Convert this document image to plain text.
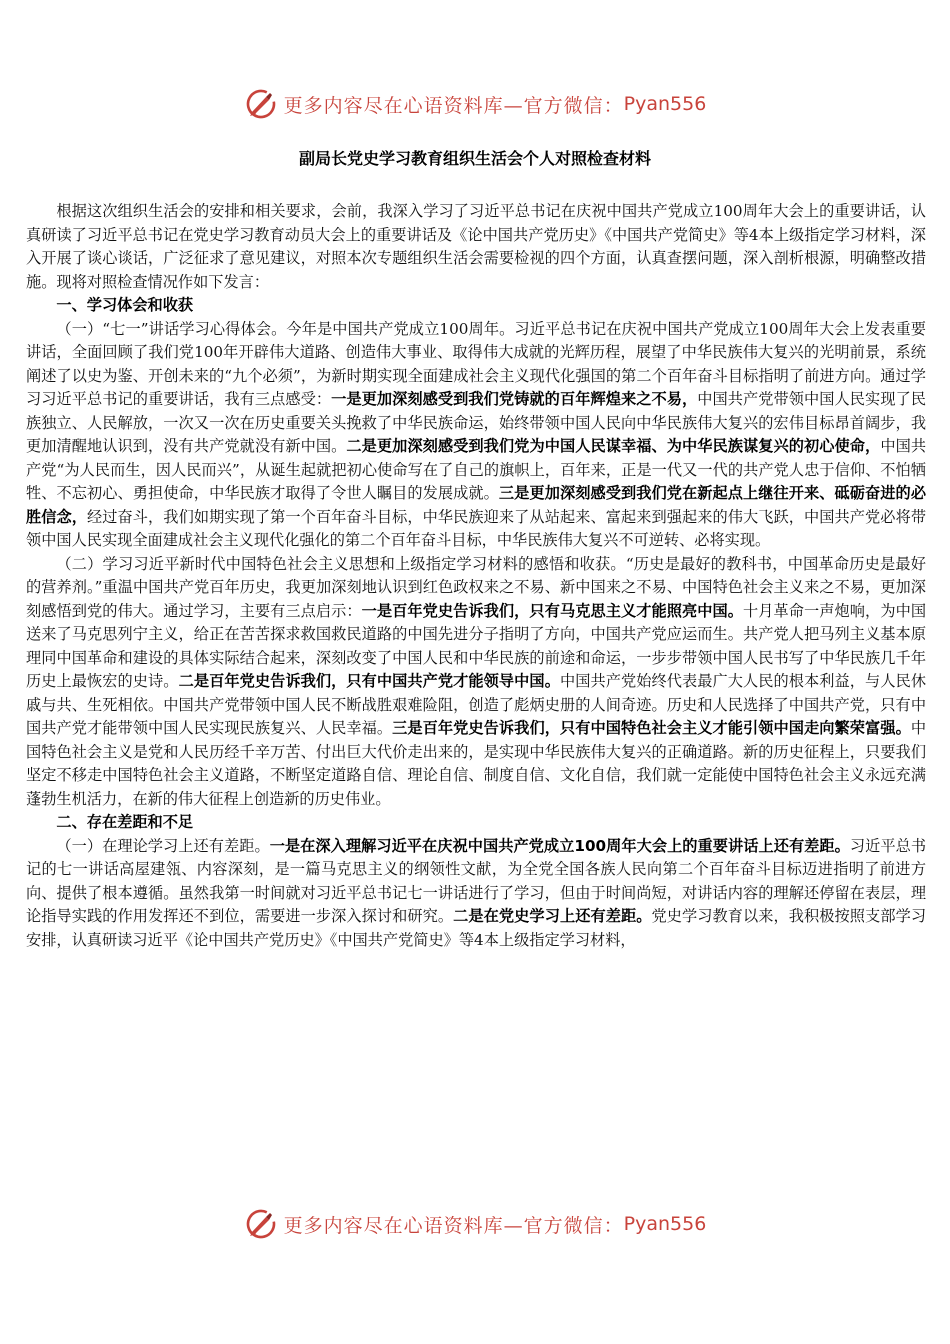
更多内容尽在心语资料库—官方微信： Pyan556
副局长党史学习教育组织生活会个人对照检查材料

根据这次组织生活会的安排和相关要求，会前，我深入学习了习近平总书记在庆祝中国共产党成立100周年大会上的重要讲话，认真研读了习近平总书记在党史学习教育动员大会上的重要讲话及《论中国共产党历史》《中国共产党简史》等4本上级指定学习材料，深入开展了谈心谈话，广泛征求了意见建议，对照本次专题组织生活会需要检视的四个方面，认真查摆问题，深入剖析根源，明确整改措施。现将对照检查情况作如下发言：

一、学习体会和收获

（一）“七一”讲话学习心得体会。今年是中国共产党成立100周年。习近平总书记在庆祝中国共产党成立100周年大会上发表重要讲话，全面回顾了我们党100年开辟伟大道路、创造伟大事业、取得伟大成就的光辉历程，展望了中华民族伟大复兴的光明前景，系统阐述了以史为鉴、开创未来的“九个必须”，为新时期实现全面建成社会主义现代化强国的第二个百年奋斗目标指明了前进方向。通过学习习近平总书记的重要讲话，我有三点感受：一是更加深刻感受到我们党铸就的百年辉煌来之不易，中国共产党带领中国人民实现了民族独立、人民解放，一次又一次在历史重要关头挽救了中华民族命运，始终带领中国人民向中华民族伟大复兴的宏伟目标昂首阔步，我更加清醒地认识到，没有共产党就没有新中国。二是更加深刻感受到我们党为中国人民谋幸福、为中华民族谋复兴的初心使命，中国共产党“为人民而生，因人民而兴”，从诞生起就把初心使命写在了自己的旗帜上，百年来，正是一代又一代的共产党人忠于信仰、不怕牺牲、不忘初心、勇担使命，中华民族才取得了令世人瞩目的发展成就。三是更加深刻感受到我们党在新起点上继往开来、砥砺奋进的必胜信念，经过奋斗，我们如期实现了第一个百年奋斗目标，中华民族迎来了从站起来、富起来到强起来的伟大飞跃，中国共产党必将带领中国人民实现全面建成社会主义现代化强化的第二个百年奋斗目标，中华民族伟大复兴不可逆转、必将实现。

（二）学习习近平新时代中国特色社会主义思想和上级指定学习材料的感悟和收获。“历史是最好的教科书，中国革命历史是最好的营养剂。”重温中国共产党百年历史，我更加深刻地认识到红色政权来之不易、新中国来之不易、中国特色社会主义来之不易，更加深刻感悟到党的伟大。通过学习，主要有三点启示：一是百年党史告诉我们，只有马克思主义才能照亮中国。十月革命一声炮响，为中国送来了马克思列宁主义，给正在苦苦探求救国救民道路的中国先进分子指明了方向，中国共产党应运而生。共产党人把马列主义基本原理同中国革命和建设的具体实际结合起来，深刻改变了中国人民和中华民族的前途和命运，一步步带领中国人民书写了中华民族几千年历史上最恢宏的史诗。二是百年党史告诉我们，只有中国共产党才能领导中国。中国共产党始终代表最广大人民的根本利益，与人民休戚与共、生死相依。中国共产党带领中国人民不断战胜艰难险阻，创造了彪炳史册的人间奇迹。历史和人民选择了中国共产党，只有中国共产党才能带领中国人民实现民族复兴、人民幸福。三是百年党史告诉我们，只有中国特色社会主义才能引领中国走向繁荣富强。中国特色社会主义是党和人民历经千辛万苦、付出巨大代价走出来的，是实现中华民族伟大复兴的正确道路。新的历史征程上，只要我们坚定不移走中国特色社会主义道路，不断坚定道路自信、理论自信、制度自信、文化自信，我们就一定能使中国特色社会主义永远充满蓬勃生机活力，在新的伟大征程上创造新的历史伟业。

二、存在差距和不足

（一）在理论学习上还有差距。一是在深入理解习近平在庆祝中国共产党成立100周年大会上的重要讲话上还有差距。习近平总书记的七一讲话高屋建瓴、内容深刻，是一篇马克思主义的纲领性文献，为全党全国各族人民向第二个百年奋斗目标迈进指明了前进方向、提供了根本遵循。虽然我第一时间就对习近平总书记七一讲话进行了学习，但由于时间尚短，对讲话内容的理解还停留在表层，理论指导实践的作用发挥还不到位，需要进一步深入探讨和研究。二是在党史学习上还有差距。党史学习教育以来，我积极按照支部学习安排，认真研读习近平《论中国共产党历史》《中国共产党简史》等4本上级指定学习材料，

更多内容尽在心语资料库—官方微信： Pyan556
